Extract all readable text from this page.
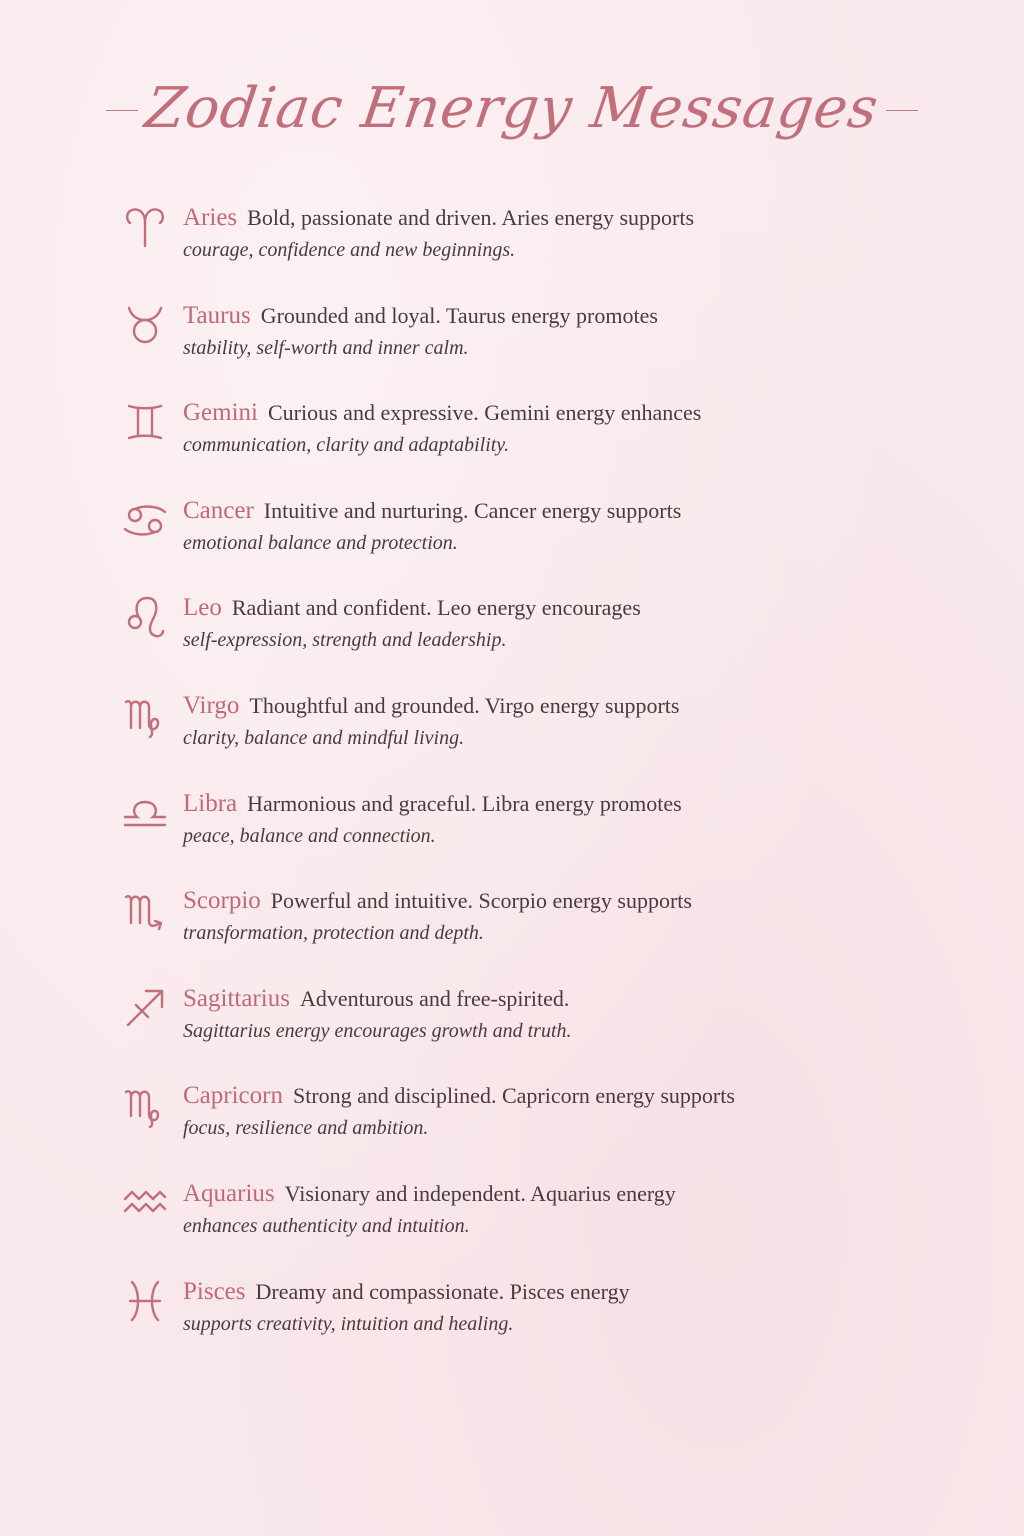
Zodiac Energy Messages
Aries Bold, passionate and driven. Aries energy supports
courage, confidence and new beginnings.
Taurus Grounded and loyal. Taurus energy promotes
stability, self-worth and inner calm.
Gemini Curious and expressive. Gemini energy enhances
communication, clarity and adaptability.
Cancer Intuitive and nurturing. Cancer energy supports
emotional balance and protection.
Leo Radiant and confident. Leo energy encourages
self-expression, strength and leadership.
Virgo Thoughtful and grounded. Virgo energy supports
clarity, balance and mindful living.
Libra Harmonious and graceful. Libra energy promotes
peace, balance and connection.
Scorpio Powerful and intuitive. Scorpio energy supports
transformation, protection and depth.
Sagittarius Adventurous and free-spirited.
Sagittarius energy encourages growth and truth.
Capricorn Strong and disciplined. Capricorn energy supports
focus, resilience and ambition.
Aquarius Visionary and independent. Aquarius energy
enhances authenticity and intuition.
Pisces Dreamy and compassionate. Pisces energy
supports creativity, intuition and healing.
